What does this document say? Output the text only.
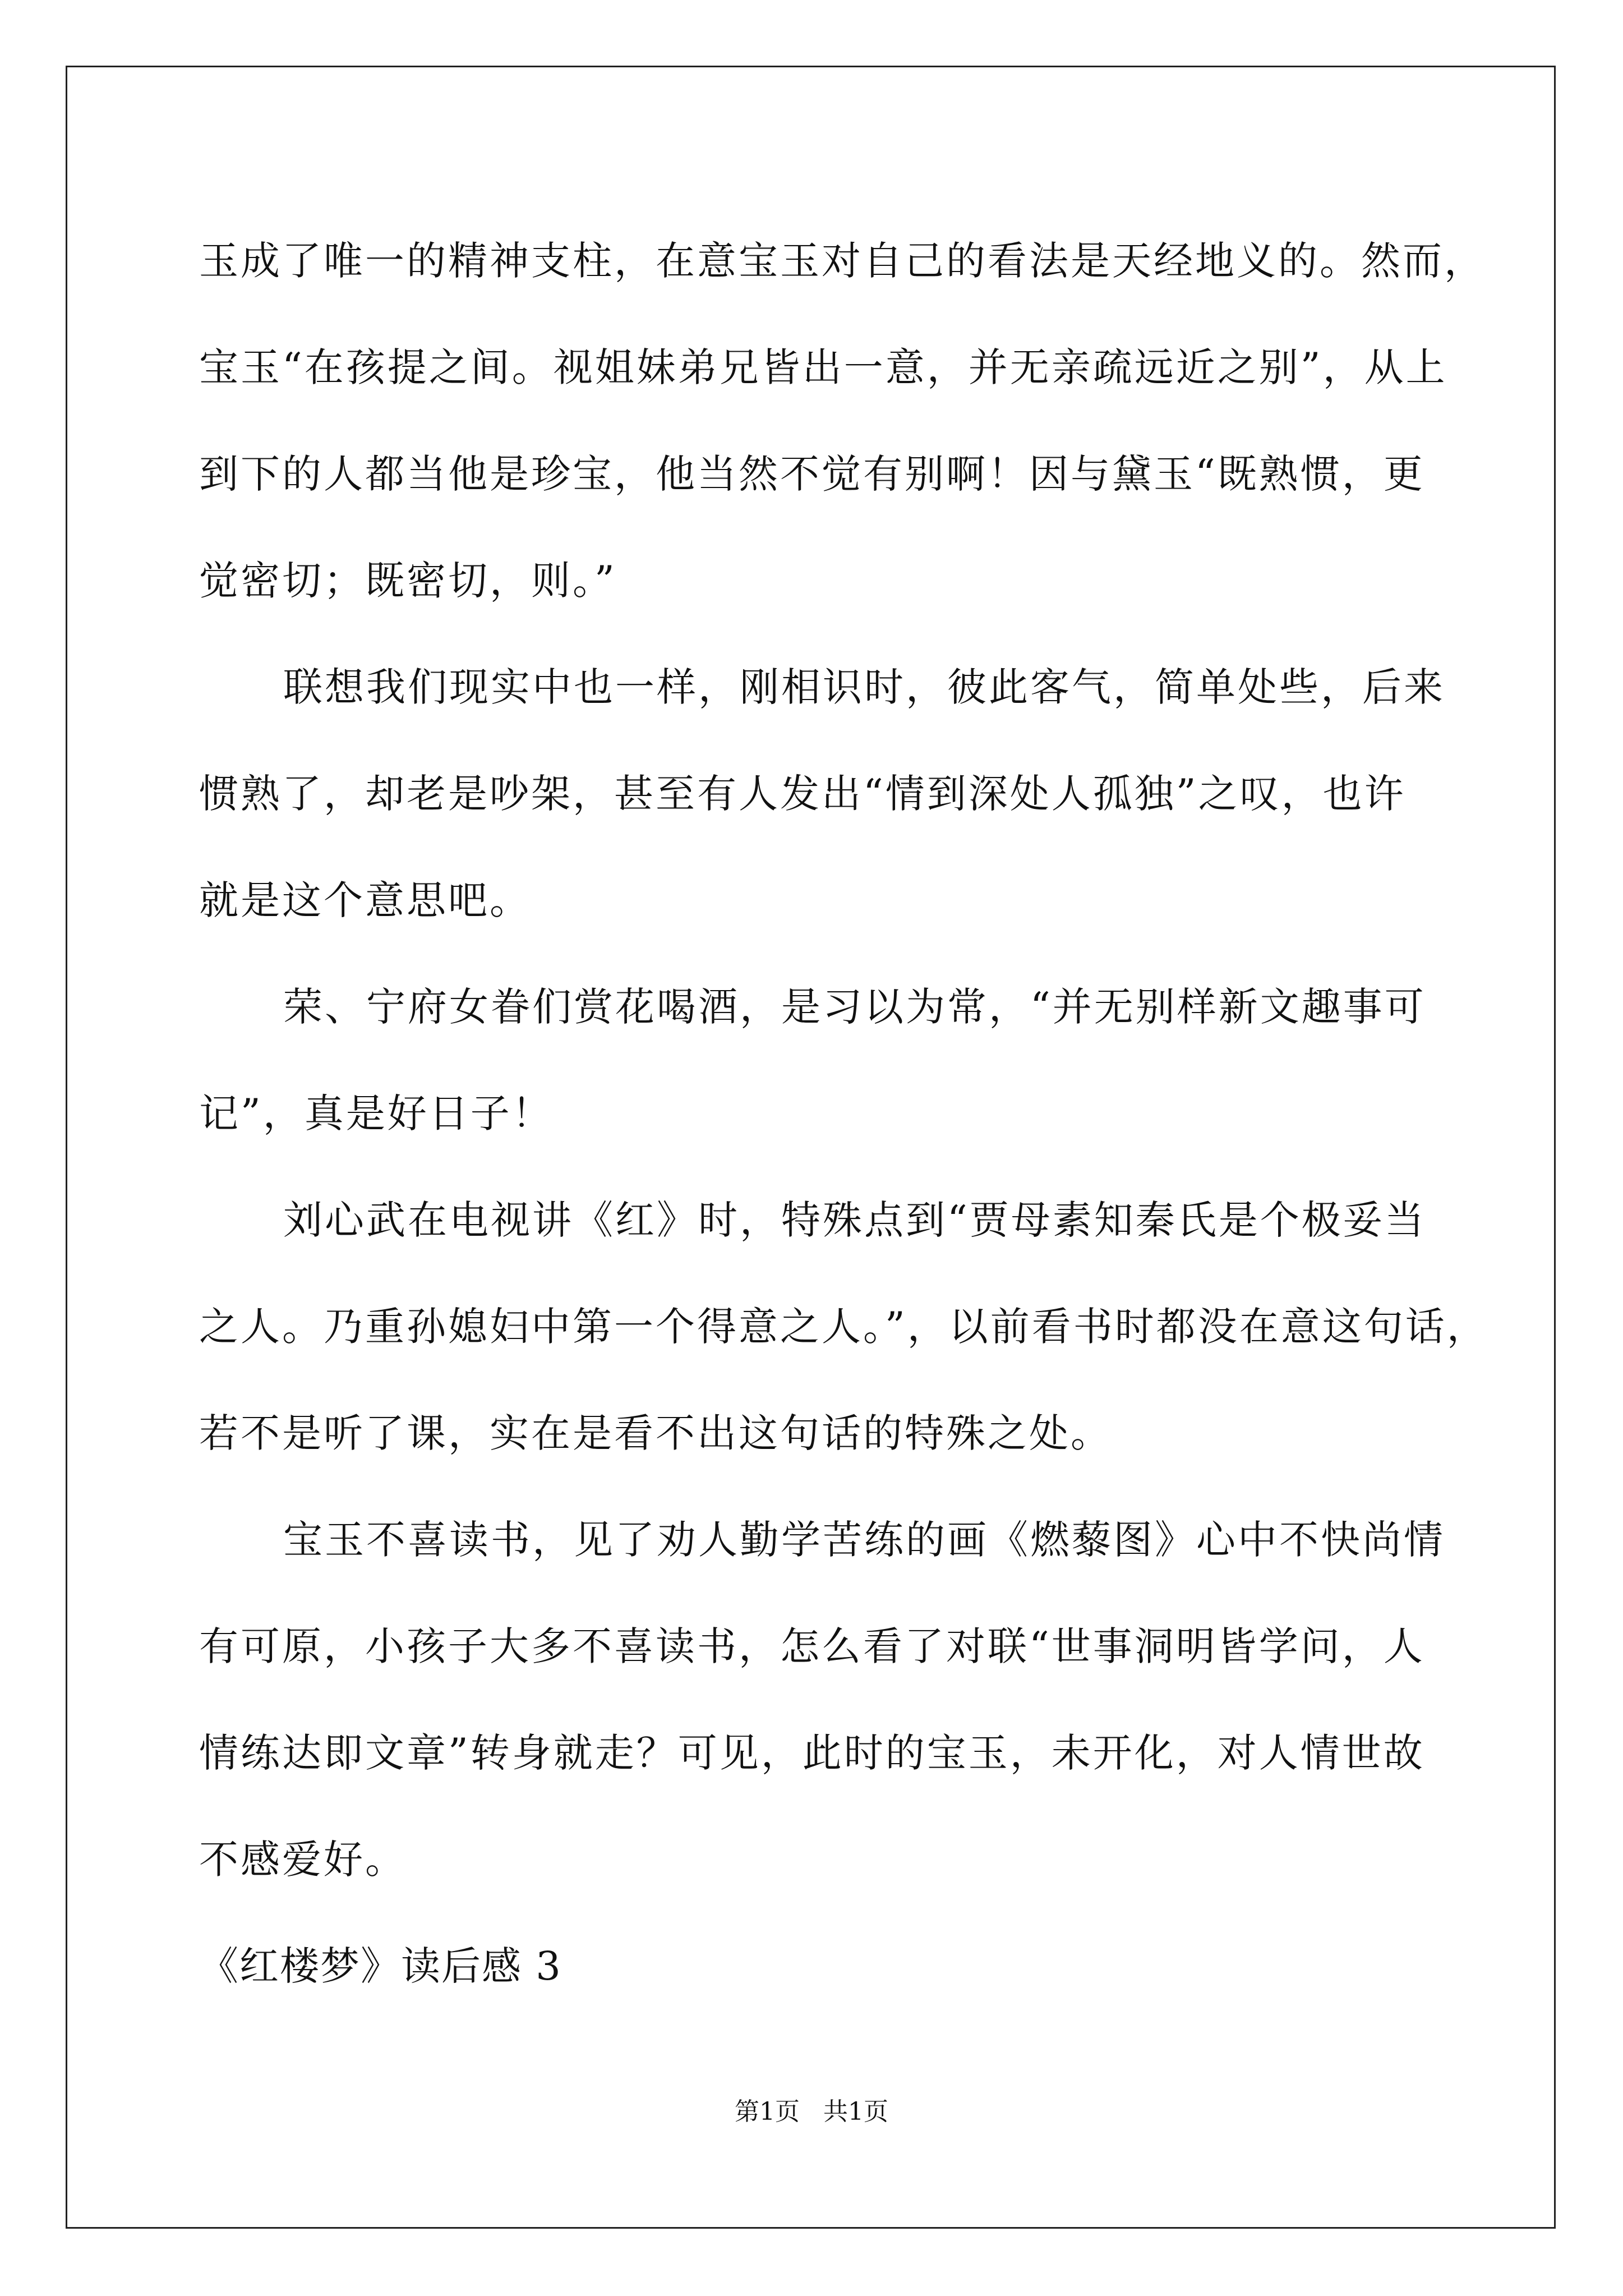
玉成了唯一的精神支柱，在意宝玉对自己的看法是天经地义的。然而，
宝玉“在孩提之间。视姐妹弟兄皆出一意，并无亲疏远近之别”，从上
到下的人都当他是珍宝，他当然不觉有别啊！因与黛玉“既熟惯，更
觉密切；既密切，则。”
联想我们现实中也一样，刚相识时，彼此客气，简单处些，后来
惯熟了，却老是吵架，甚至有人发出“情到深处人孤独”之叹，也许
就是这个意思吧。
荣、宁府女眷们赏花喝酒，是习以为常，“并无别样新文趣事可
记”，真是好日子！
刘心武在电视讲《红》时，特殊点到“贾母素知秦氏是个极妥当
之人。乃重孙媳妇中第一个得意之人。”，以前看书时都没在意这句话，
若不是听了课，实在是看不出这句话的特殊之处。
宝玉不喜读书，见了劝人勤学苦练的画《燃藜图》心中不快尚情
有可原，小孩子大多不喜读书，怎么看了对联“世事洞明皆学问，人
情练达即文章”转身就走？可见，此时的宝玉，未开化，对人情世故
不感爱好。
《红楼梦》读后感 3
第1页   共1页
